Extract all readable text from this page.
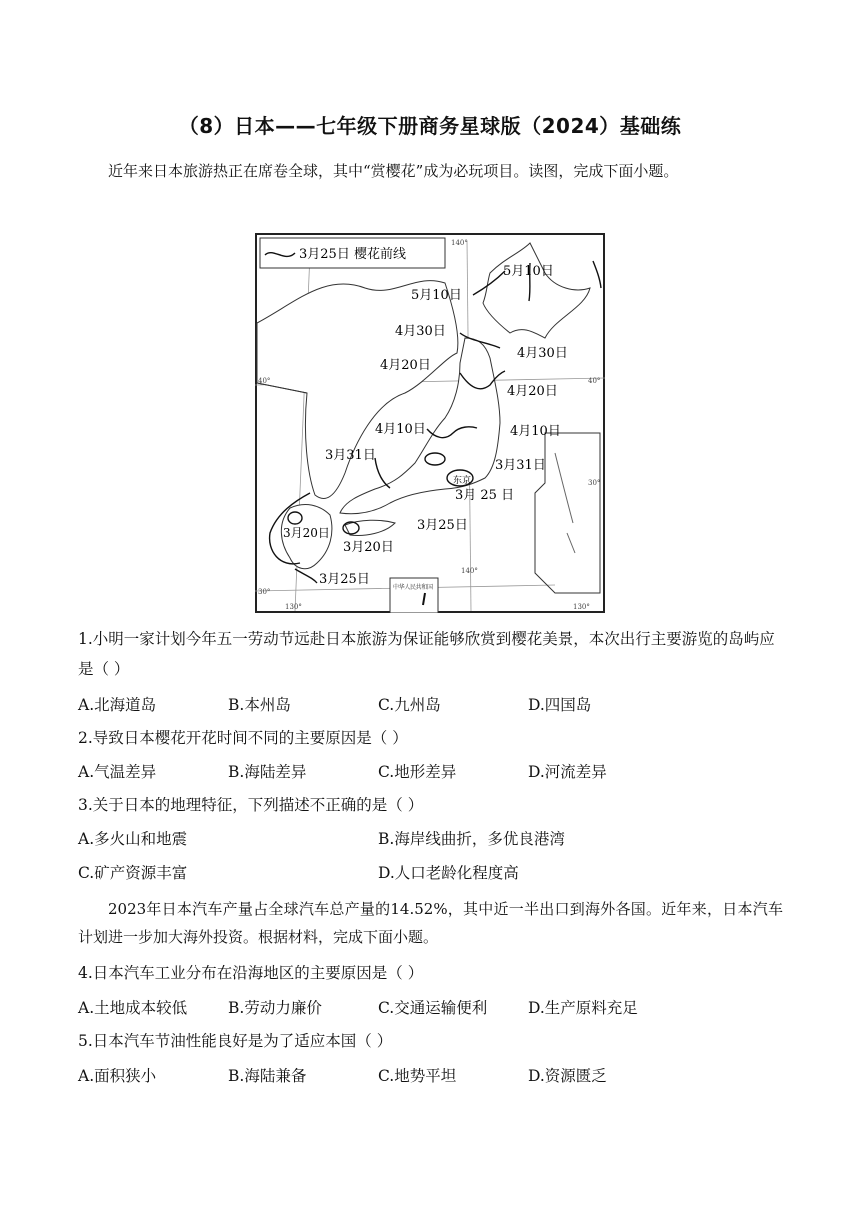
（8）日本——七年级下册商务星球版（2024）基础练
近年来日本旅游热正在席卷全球，其中“赏樱花”成为必玩项目。读图，完成下面小题。
3月25日 樱花前线
5月10日
5月10日
4月30日
4月30日
4月20日
4月20日
4月10日	4月10日
3月31日
3月31日
3月 25 日
3月25日
3月20日
3月20日
3月25日
东京
140°
140°
130°	130°
40°	40°
30°
30°
中华人民共和国
1.小明一家计划今年五一劳动节远赴日本旅游为保证能够欣赏到樱花美景，本次出行主要游览的岛屿应是（ ）
A.北海道岛	B.本州岛	C.九州岛	D.四国岛
2.导致日本樱花开花时间不同的主要原因是（ ）
A.气温差异	B.海陆差异	C.地形差异	D.河流差异
3.关于日本的地理特征，下列描述不正确的是（ ）
A.多火山和地震	B.海岸线曲折，多优良港湾
C.矿产资源丰富	D.人口老龄化程度高
2023年日本汽车产量占全球汽车总产量的14.52%，其中近一半出口到海外各国。近年来，日本汽车计划进一步加大海外投资。根据材料，完成下面小题。
4.日本汽车工业分布在沿海地区的主要原因是（ ）
A.土地成本较低	B.劳动力廉价	C.交通运输便利	D.生产原料充足
5.日本汽车节油性能良好是为了适应本国（ ）
A.面积狭小	B.海陆兼备	C.地势平坦	D.资源匮乏
